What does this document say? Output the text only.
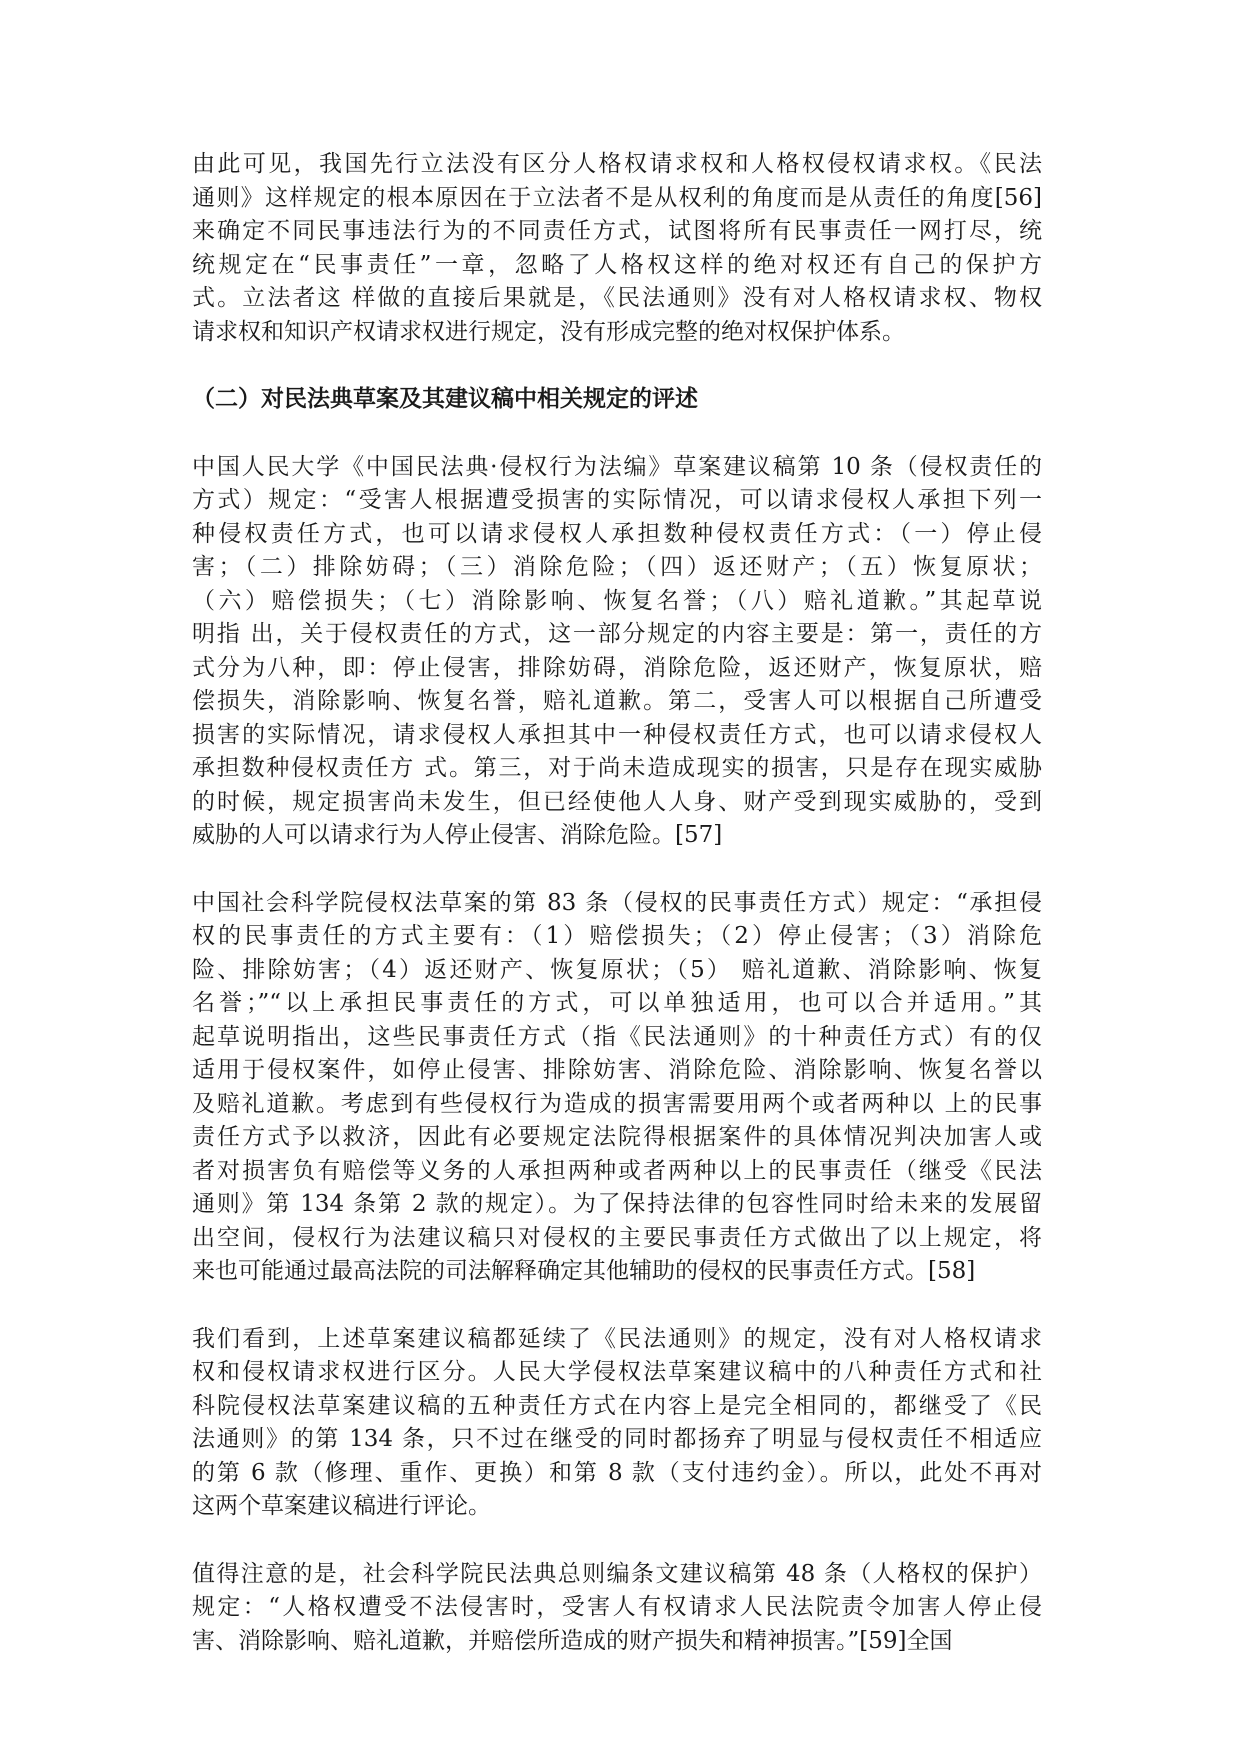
由此可见，我国先行立法没有区分人格权请求权和人格权侵权请求权。《民法
通则》这样规定的根本原因在于立法者不是从权利的角度而是从责任的角度[56]
来确定不同民事违法行为的不同责任方式，试图将所有民事责任一网打尽，统
统规定在“民事责任”一章，忽略了人格权这样的绝对权还有自己的保护方
式。立法者这 样做的直接后果就是，《民法通则》没有对人格权请求权、物权
请求权和知识产权请求权进行规定，没有形成完整的绝对权保护体系。
（二）对民法典草案及其建议稿中相关规定的评述
中国人民大学《中国民法典·侵权行为法编》草案建议稿第 10 条（侵权责任的
方式）规定：“受害人根据遭受损害的实际情况，可以请求侵权人承担下列一
种侵权责任方式，也可以请求侵权人承担数种侵权责任方式：（一）停止侵
害；（二）排除妨碍；（三）消除危险；（四）返还财产；（五）恢复原状；
（六）赔偿损失；（七）消除影响、恢复名誉；（八）赔礼道歉。”其起草说
明指 出，关于侵权责任的方式，这一部分规定的内容主要是：第一，责任的方
式分为八种，即：停止侵害，排除妨碍，消除危险，返还财产，恢复原状，赔
偿损失，消除影响、恢复名誉，赔礼道歉。第二，受害人可以根据自己所遭受
损害的实际情况，请求侵权人承担其中一种侵权责任方式，也可以请求侵权人
承担数种侵权责任方 式。第三，对于尚未造成现实的损害，只是存在现实威胁
的时候，规定损害尚未发生，但已经使他人人身、财产受到现实威胁的，受到
威胁的人可以请求行为人停止侵害、消除危险。[57]
中国社会科学院侵权法草案的第 83 条（侵权的民事责任方式）规定：“承担侵
权的民事责任的方式主要有：（1）赔偿损失；（2）停止侵害；（3）消除危
险、排除妨害；（4）返还财产、恢复原状；（5） 赔礼道歉、消除影响、恢复
名誉；”“以上承担民事责任的方式，可以单独适用，也可以合并适用。”其
起草说明指出，这些民事责任方式（指《民法通则》的十种责任方式）有的仅
适用于侵权案件，如停止侵害、排除妨害、消除危险、消除影响、恢复名誉以
及赔礼道歉。考虑到有些侵权行为造成的损害需要用两个或者两种以 上的民事
责任方式予以救济，因此有必要规定法院得根据案件的具体情况判决加害人或
者对损害负有赔偿等义务的人承担两种或者两种以上的民事责任（继受《民法
通则》第 134 条第 2 款的规定）。为了保持法律的包容性同时给未来的发展留
出空间，侵权行为法建议稿只对侵权的主要民事责任方式做出了以上规定，将
来也可能通过最高法院的司法解释确定其他辅助的侵权的民事责任方式。[58]
我们看到，上述草案建议稿都延续了《民法通则》的规定，没有对人格权请求
权和侵权请求权进行区分。人民大学侵权法草案建议稿中的八种责任方式和社
科院侵权法草案建议稿的五种责任方式在内容上是完全相同的，都继受了《民
法通则》的第 134 条，只不过在继受的同时都扬弃了明显与侵权责任不相适应
的第 6 款（修理、重作、更换）和第 8 款（支付违约金）。所以，此处不再对
这两个草案建议稿进行评论。
值得注意的是，社会科学院民法典总则编条文建议稿第 48 条（人格权的保护）
规定：“人格权遭受不法侵害时，受害人有权请求人民法院责令加害人停止侵
害、消除影响、赔礼道歉，并赔偿所造成的财产损失和精神损害。”[59]全国
